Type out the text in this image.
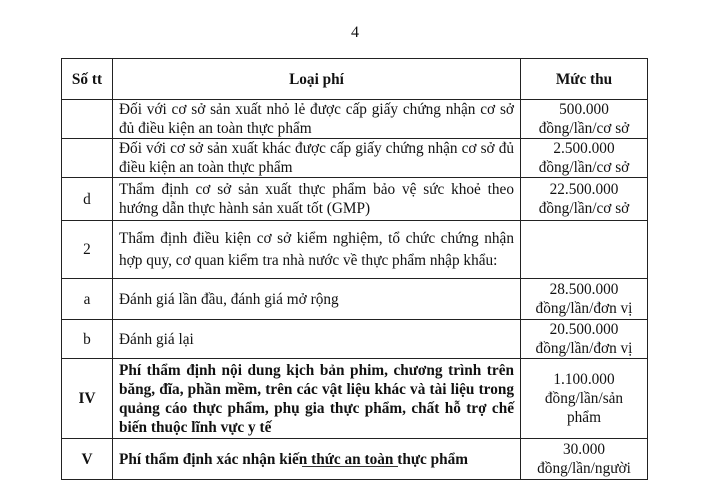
4
Số tt	Loại phí	Mức thu
	Đối với cơ sở sản xuất nhỏ lẻ được cấp giấy chứng nhận cơ sở đủ điều kiện an toàn thực phẩm	500.000 đồng/lần/cơ sở
	Đối với cơ sở sản xuất khác được cấp giấy chứng nhận cơ sở đủ điều kiện an toàn thực phẩm	2.500.000 đồng/lần/cơ sở
d	Thẩm định cơ sở sản xuất thực phẩm bảo vệ sức khoẻ theo hướng dẫn thực hành sản xuất tốt (GMP)	22.500.000 đồng/lần/cơ sở
2	Thẩm định điều kiện cơ sở kiểm nghiệm, tổ chức chứng nhận hợp quy, cơ quan kiểm tra nhà nước về thực phẩm nhập khẩu:	
a	Đánh giá lần đầu, đánh giá mở rộng	28.500.000 đồng/lần/đơn vị
b	Đánh giá lại	20.500.000 đồng/lần/đơn vị
IV	Phí thẩm định nội dung kịch bản phim, chương trình trên băng, đĩa, phần mềm, trên các vật liệu khác và tài liệu trong quảng cáo thực phẩm, phụ gia thực phẩm, chất hỗ trợ chế biến thuộc lĩnh vực y tế	1.100.000 đồng/lần/sản phẩm
V	Phí thẩm định xác nhận kiến thức an toàn thực phẩm	30.000 đồng/lần/người
